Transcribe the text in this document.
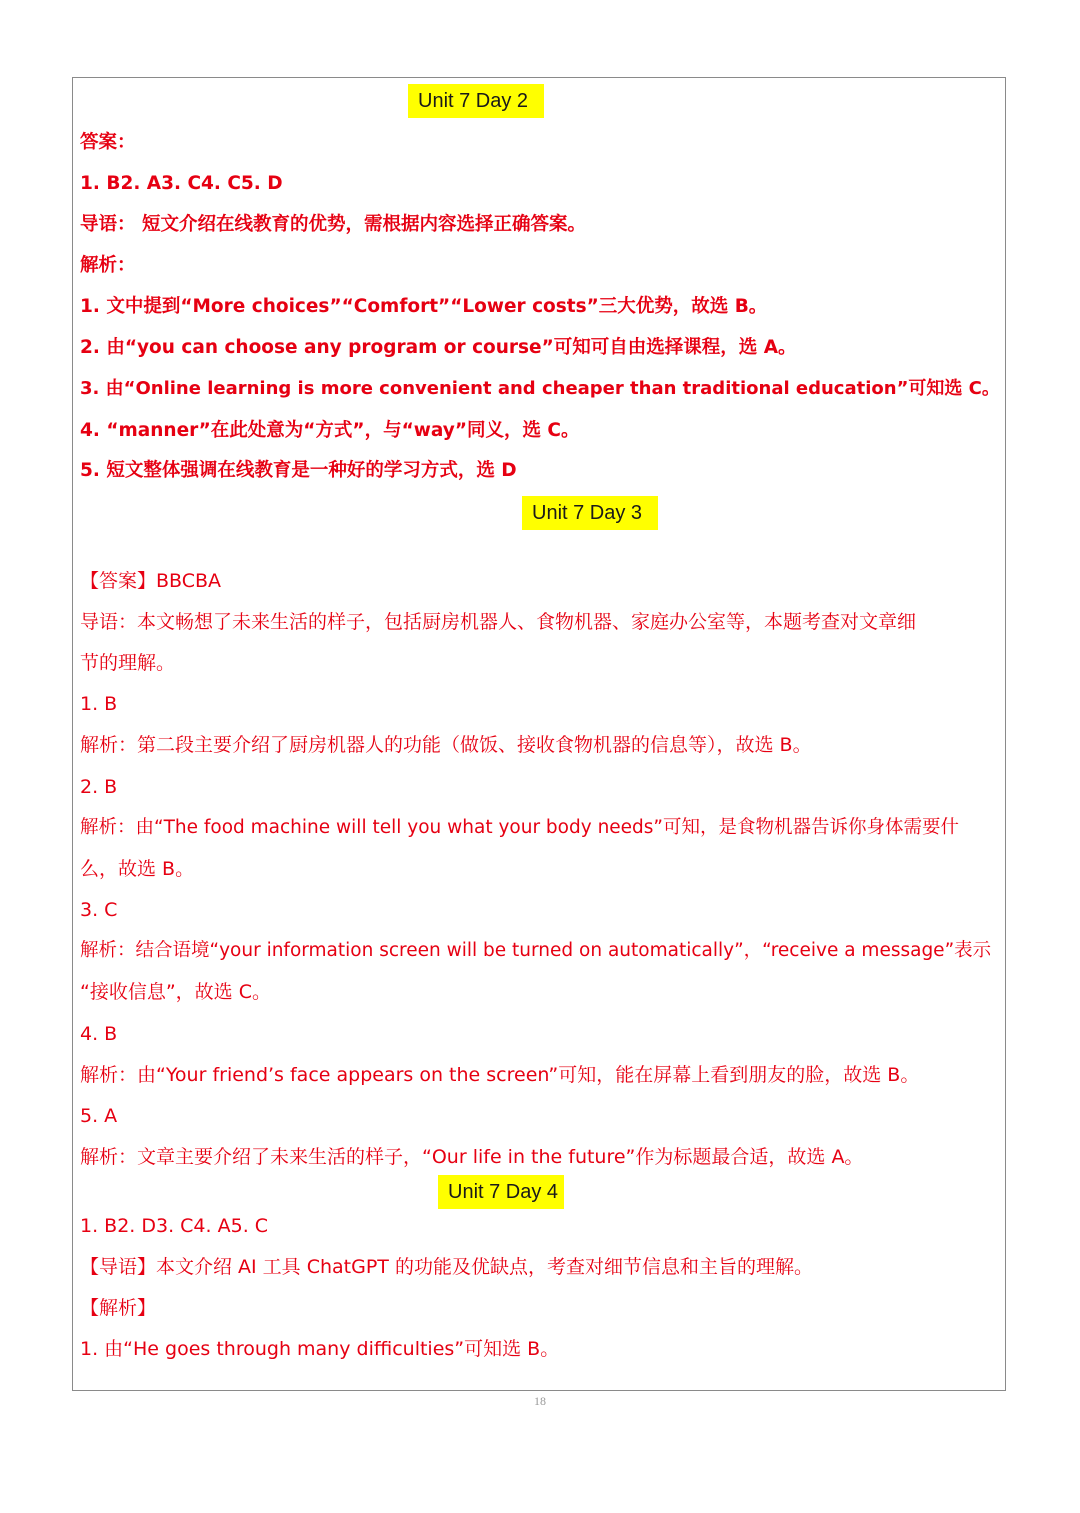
Unit 7 Day 2
答案：
1. B2. A3. C4. C5. D
导语： 短文介绍在线教育的优势，需根据内容选择正确答案。
解析：
1. 文中提到“More choices”“Comfort”“Lower costs”三大优势，故选 B。
2. 由“you can choose any program or course”可知可自由选择课程，选 A。
3. 由“Online learning is more convenient and cheaper than traditional education”可知选 C。
4. “manner”在此处意为“方式”，与“way”同义，选 C。
5. 短文整体强调在线教育是一种好的学习方式，选 D
Unit 7 Day 3
【答案】BBCBA
导语：本文畅想了未来生活的样子，包括厨房机器人、食物机器、家庭办公室等，本题考查对文章细
节的理解。
1. B
解析：第二段主要介绍了厨房机器人的功能（做饭、接收食物机器的信息等），故选 B。
2. B
解析：由“The food machine will tell you what your body needs”可知，是食物机器告诉你身体需要什
么，故选 B。
3. C
解析：结合语境“your information screen will be turned on automatically”，“receive a message”表示
“接收信息”，故选 C。
4. B
解析：由“Your friend’s face appears on the screen”可知，能在屏幕上看到朋友的脸，故选 B。
5. A
解析：文章主要介绍了未来生活的样子，“Our life in the future”作为标题最合适，故选 A。
Unit 7 Day 4
1. B2. D3. C4. A5. C
【导语】本文介绍 AI 工具 ChatGPT 的功能及优缺点，考查对细节信息和主旨的理解。
【解析】
1. 由“He goes through many difficulties”可知选 B。
18
